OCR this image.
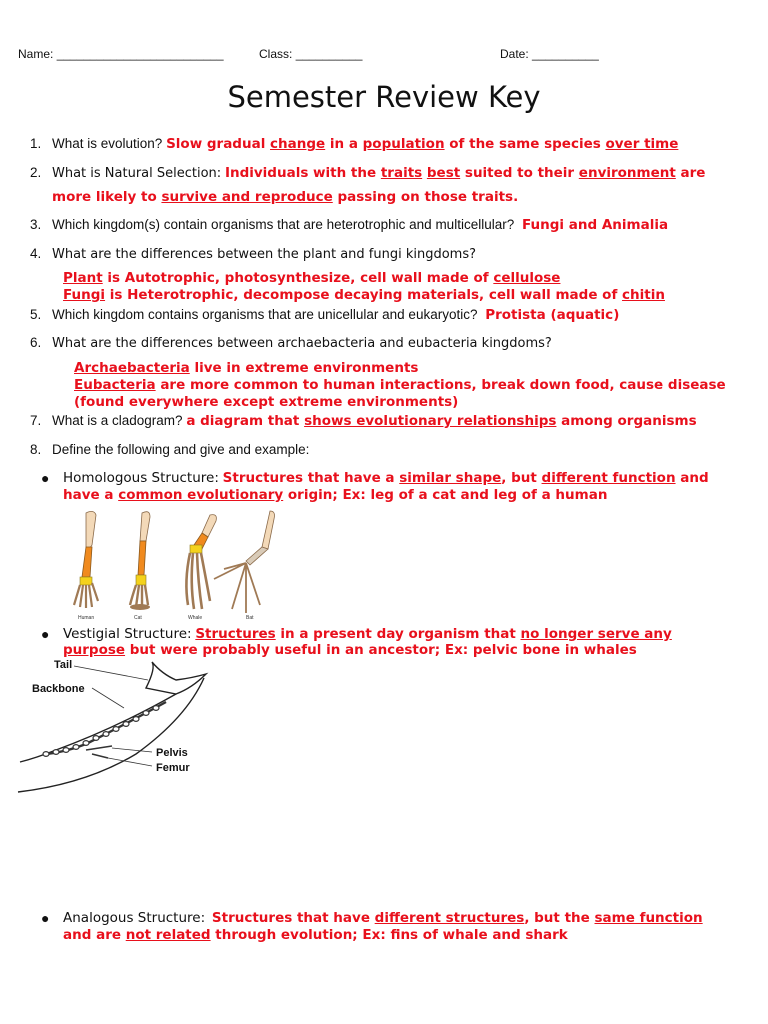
Name: _________________________	Class: __________	Date: __________
Semester Review Key
1. What is evolution? Slow gradual change in a population of the same species over time
2. What is Natural Selection: Individuals with the traits best suited to their environment are
more likely to survive and reproduce passing on those traits.
3. Which kingdom(s) contain organisms that are heterotrophic and multicellular? Fungi and Animalia
4. What are the differences between the plant and fungi kingdoms?
Plant is Autotrophic, photosynthesize, cell wall made of cellulose
Fungi is Heterotrophic, decompose decaying materials, cell wall made of chitin
5. Which kingdom contains organisms that are unicellular and eukaryotic? Protista (aquatic)
6. What are the differences between archaebacteria and eubacteria kingdoms?
Archaebacteria live in extreme environments
Eubacteria are more common to human interactions, break down food, cause disease
(found everywhere except extreme environments)
7. What is a cladogram? a diagram that shows evolutionary relationships among organisms
8. Define the following and give and example:
● Homologous Structure: Structures that have a similar shape, but different function and
have a common evolutionary origin; Ex: leg of a cat and leg of a human
Human	Cat	Whale	Bat
● Vestigial Structure: Structures in a present day organism that no longer serve any
purpose but were probably useful in an ancestor; Ex: pelvic bone in whales
Tail
Backbone
Pelvis
Femur
● Analogous Structure: Structures that have different structures, but the same function
and are not related through evolution; Ex: fins of whale and shark
